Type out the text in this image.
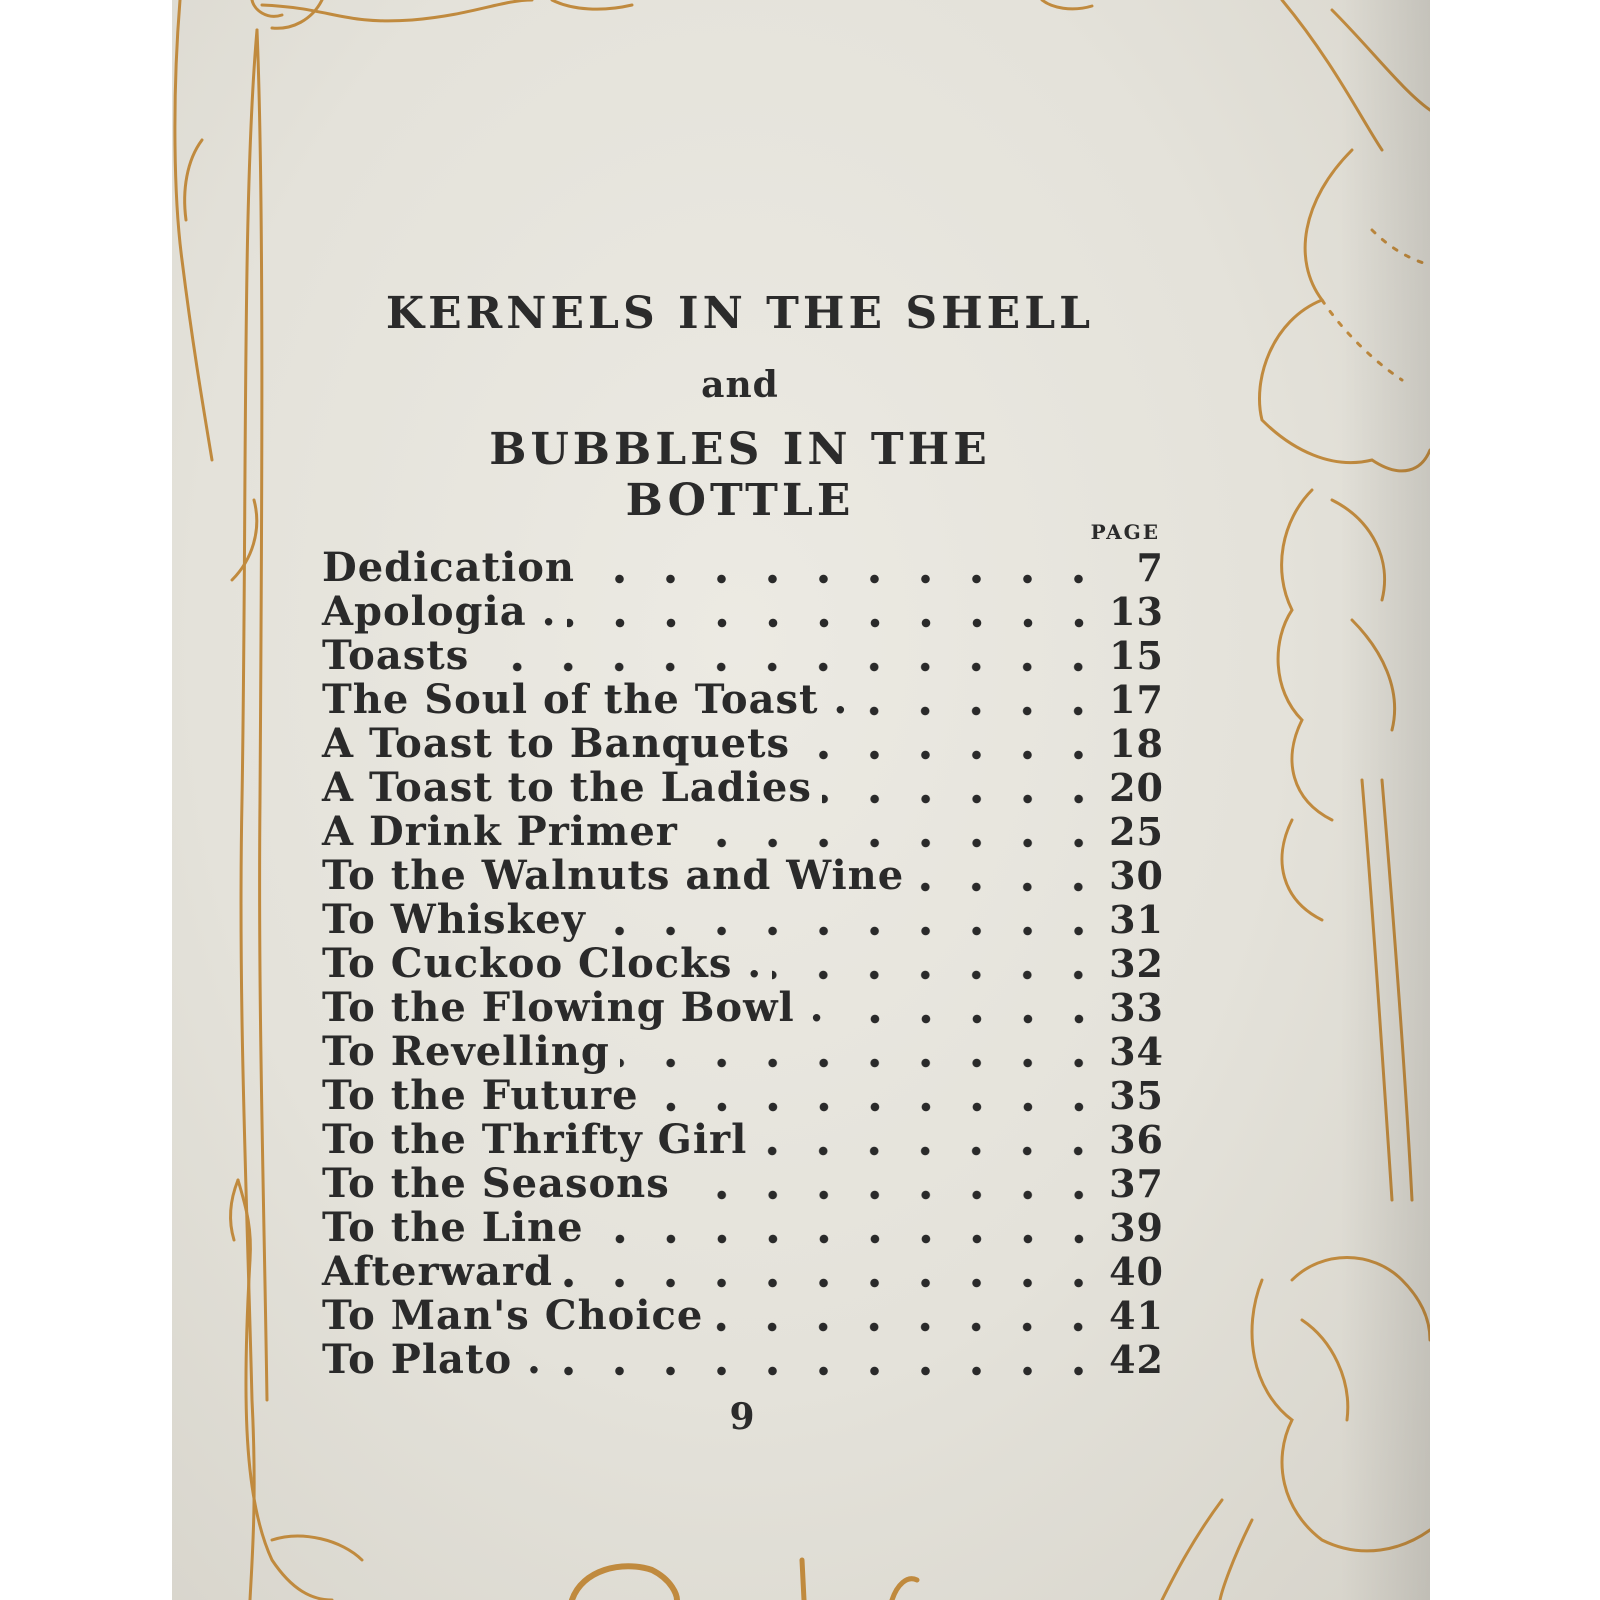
KERNELS IN THE SHELL
and
BUBBLES IN THE BOTTLE
PAGE
Dedication	7
Apologia .	13
Toasts	15
The Soul of the Toast .	17
A Toast to Banquets	18
A Toast to the Ladies	20
A Drink Primer	25
To the Walnuts and Wine	30
To Whiskey	31
To Cuckoo Clocks .	32
To the Flowing Bowl .	33
To Revelling	34
To the Future	35
To the Thrifty Girl	36
To the Seasons	37
To the Line	39
Afterward	40
To Man's Choice	41
To Plato .	42
9
